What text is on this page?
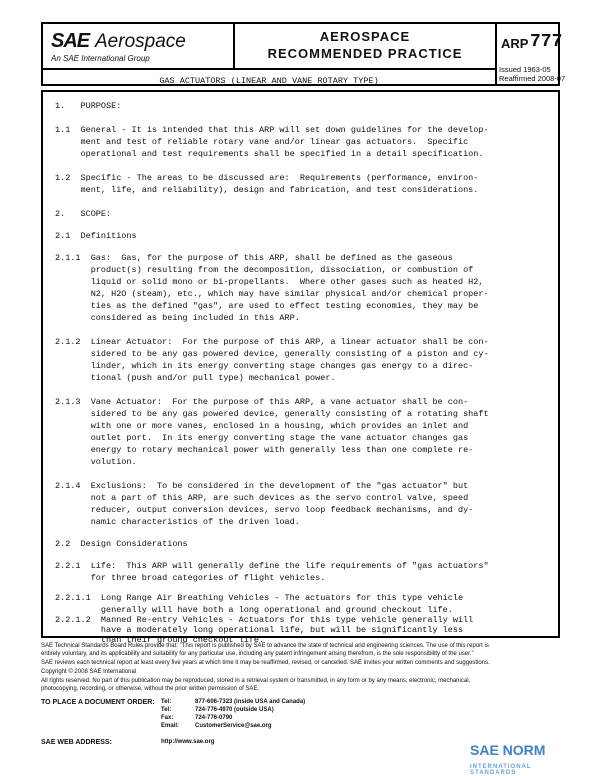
SAE Aerospace
An SAE International Group
AEROSPACE
RECOMMENDED PRACTICE
ARP 777
GAS ACTUATORS (LINEAR AND VANE ROTARY TYPE)
Issued 1963-05
Reaffirmed 2008-07
1.   PURPOSE:
1.1  General - It is intended that this ARP will set down guidelines for the develop-
ment and test of reliable rotary vane and/or linear gas actuators.  Specific
operational and test requirements shall be specified in a detail specification.
1.2  Specific - The areas to be discussed are:  Requirements (performance, environ-
ment, life, and reliability), design and fabrication, and test considerations.
2.   SCOPE:
2.1  Definitions
2.1.1  Gas:  Gas, for the purpose of this ARP, shall be defined as the gaseous
product(s) resulting from the decomposition, dissociation, or combustion of
liquid or solid mono or bi-propellants.  Where other gases such as heated H2,
N2, H2O (steam), etc., which may have similar physical and/or chemical proper-
ties as the defined "gas", are used to effect testing economies, they may be
considered as being included in this ARP.
2.1.2  Linear Actuator:  For the purpose of this ARP, a linear actuator shall be con-
sidered to be any gas powered device, generally consisting of a piston and cy-
linder, which in its energy converting stage changes gas energy to a direc-
tional (push and/or pull type) mechanical power.
2.1.3  Vane Actuator:  For the purpose of this ARP, a vane actuator shall be con-
sidered to be any gas powered device, generally consisting of a rotating shaft
with one or more vanes, enclosed in a housing, which provides an inlet and
outlet port.  In its energy converting stage the vane actuator changes gas
energy to rotary mechanical power with generally less than one complete re-
volution.
2.1.4  Exclusions:  To be considered in the development of the "gas actuator" but
not a part of this ARP, are such devices as the servo control valve, speed
reducer, output conversion devices, servo loop feedback mechanisms, and dy-
namic characteristics of the driven load.
2.2  Design Considerations
2.2.1  Life:  This ARP will generally define the life requirements of "gas actuators"
for three broad categories of flight vehicles.
2.2.1.1  Long Range Air Breathing Vehicles - The actuators for this type vehicle
generally will have both a long operational and ground checkout life.
2.2.1.2  Manned Re-entry Vehicles - Actuators for this type vehicle generally will
have a moderately long operational life, but will be significantly less
than their ground checkout life.
SAE Technical Standards Board Rules provide that: "This report is published by SAE to advance the state of technical and engineering sciences. The use of this report is
entirely voluntary, and its applicability and suitability for any particular use, including any patent infringement arising therefrom, is the sole responsibility of the user."
SAE reviews each technical report at least every five years at which time it may be reaffirmed, revised, or cancelled. SAE invites your written comments and suggestions.
Copyright © 2008 SAE International
All rights reserved. No part of this publication may be reproduced, stored in a retrieval system or transmitted, in any form or by any means, electronic, mechanical,
photocopying, recording, or otherwise, without the prior written permission of SAE.
TO PLACE A DOCUMENT ORDER: Tel:	877-606-7323 (inside USA and Canada)
Tel:	724-776-4970 (outside USA)
Fax:	724-776-0790
Email:	CustomerService@sae.org
SAE WEB ADDRESS:	http://www.sae.org	SAE NORM
INTERNATIONAL STANDARDS
